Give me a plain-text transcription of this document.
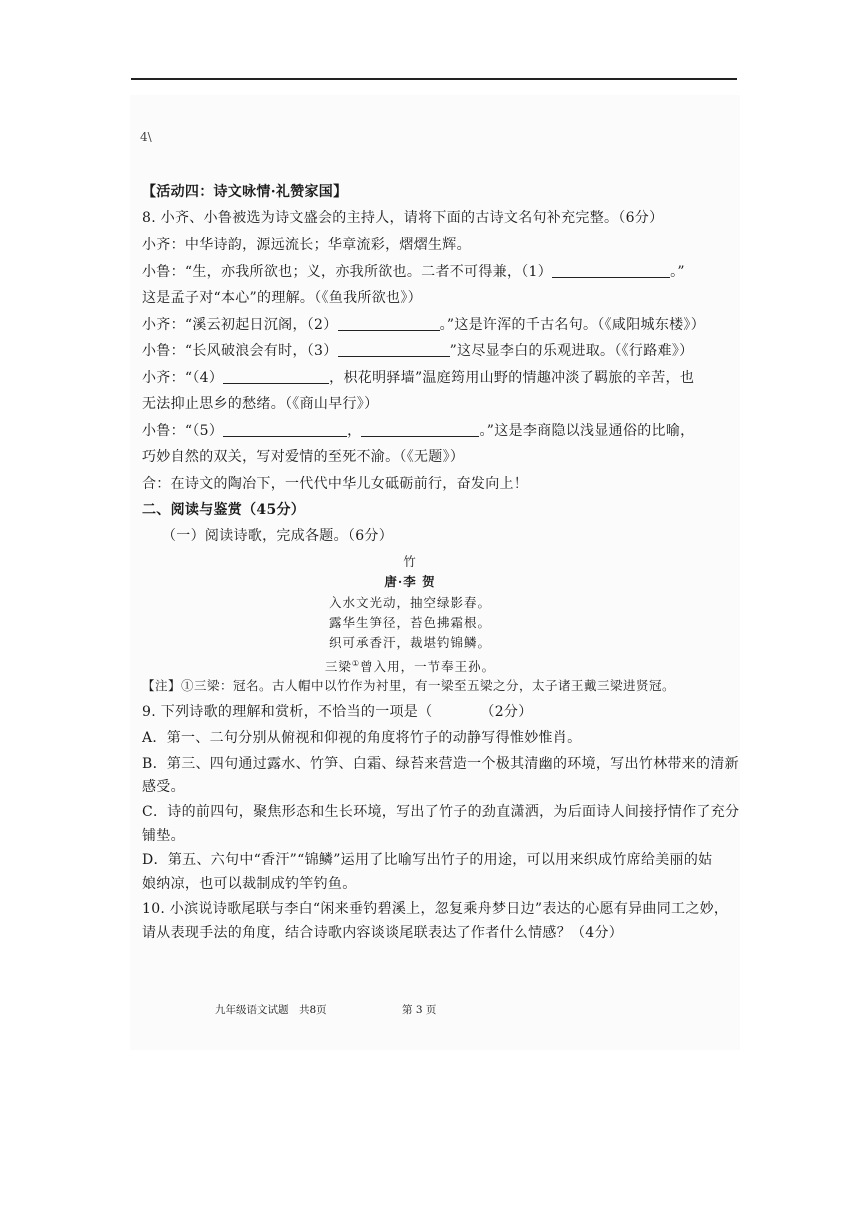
4\
【活动四：诗文咏情·礼赞家国】
8. 小齐、小鲁被选为诗文盛会的主持人，请将下面的古诗文名句补充完整。（6分）
小齐：中华诗韵，源远流长；华章流彩，熠熠生辉。
小鲁：“生，亦我所欲也；义，亦我所欲也。二者不可得兼，（1）	。”
这是孟子对“本心”的理解。（《鱼我所欲也》）
小齐：“溪云初起日沉阁，（2）	。”这是许浑的千古名句。（《咸阳城东楼》）
小鲁：“长风破浪会有时，（3）	”这尽显李白的乐观进取。（《行路难》）
小齐：“（4）	，枳花明驿墙”温庭筠用山野的情趣冲淡了羁旅的辛苦，也
无法抑止思乡的愁绪。（《商山早行》）
小鲁：“（5）	，	。”这是李商隐以浅显通俗的比喻，
巧妙自然的双关，写对爱情的至死不渝。（《无题》）
合：在诗文的陶冶下，一代代中华儿女砥砺前行，奋发向上！
二、阅读与鉴赏（45分）
（一）阅读诗歌，完成各题。（6分）
竹
唐·李 贺
入水文光动，抽空绿影春。
露华生笋径，苔色拂霜根。
织可承香汗，裁堪钓锦鳞。
三梁①曾入用，一节奉王孙。
【注】①三梁：冠名。古人帽中以竹作为衬里，有一梁至五梁之分，太子诸王戴三梁进贤冠。
9. 下列诗歌的理解和赏析，不恰当的一项是（	（2分）
A．第一、二句分别从俯视和仰视的角度将竹子的动静写得惟妙惟肖。
B．第三、四句通过露水、竹笋、白霜、绿苔来营造一个极其清幽的环境，写出竹林带来的清新
感受。
C．诗的前四句，聚焦形态和生长环境，写出了竹子的劲直潇洒，为后面诗人间接抒情作了充分
铺垫。
D．第五、六句中“香汗”“锦鳞”运用了比喻写出竹子的用途，可以用来织成竹席给美丽的姑
娘纳凉，也可以裁制成钓竿钓鱼。
10. 小滨说诗歌尾联与李白“闲来垂钓碧溪上，忽复乘舟梦日边”表达的心愿有异曲同工之妙，
请从表现手法的角度，结合诗歌内容谈谈尾联表达了作者什么情感？（4分）
九年级语文试题　共8页	第 3 页
